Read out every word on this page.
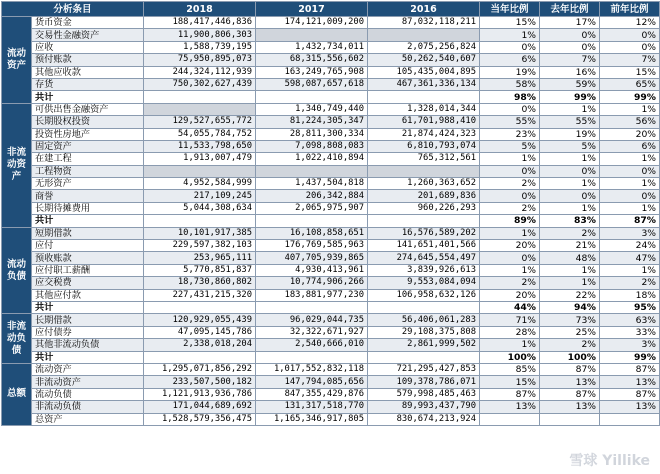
分析条目		2018	2017	2016	当年比例	去年比例	前年比例
流动资产	货币资金	188,417,446,836	174,121,009,200	87,032,118,211	15%	17%	12%
	交易性金融资产	11,900,806,303			1%	0%	0%
	应收	1,588,739,195	1,432,734,011	2,075,256,824	0%	0%	0%
	预付账款	75,950,895,073	68,315,556,602	50,262,540,607	6%	7%	7%
	其他应收款	244,324,112,939	163,249,765,908	105,435,004,895	19%	16%	15%
	存货	750,302,627,439	598,087,657,618	467,361,336,134	58%	59%	65%
	共计				98%	99%	99%
非流动资产	可供出售金融资产		1,340,749,440	1,328,014,344	0%	1%	1%
	长期股权投资	129,527,655,772	81,224,305,347	61,701,988,410	55%	55%	56%
	投资性房地产	54,055,784,752	28,811,300,334	21,874,424,323	23%	19%	20%
	固定资产	11,533,798,650	7,098,808,083	6,810,793,074	5%	5%	6%
	在建工程	1,913,007,479	1,022,410,894	765,312,561	1%	1%	1%
	工程物资				0%	0%	0%
	无形资产	4,952,584,999	1,437,504,818	1,260,363,652	2%	1%	1%
	商誉	217,109,245	206,342,884	201,689,836	0%	0%	0%
	长期待摊费用	5,044,308,634	2,065,975,907	960,226,293	2%	1%	1%
	共计				89%	83%	87%
流动负债	短期借款	10,101,917,385	16,108,858,651	16,576,589,202	1%	2%	3%
	应付	229,597,382,103	176,769,585,963	141,651,401,566	20%	21%	24%
	预收账款	253,965,111	407,705,939,865	274,645,554,497	0%	48%	47%
	应付职工薪酬	5,770,851,837	4,930,413,961	3,839,926,613	1%	1%	1%
	应交税费	18,730,860,802	10,774,906,266	9,553,084,094	2%	1%	2%
	其他应付款	227,431,215,320	183,881,977,230	106,958,632,126	20%	22%	18%
	共计				44%	94%	95%
非流动负债	长期借款	120,929,055,439	96,029,044,735	56,406,061,283	71%	73%	63%
	应付债券	47,095,145,786	32,322,671,927	29,108,375,808	28%	25%	33%
	其他非流动负债	2,338,018,204	2,540,666,010	2,861,999,502	1%	2%	3%
	共计				100%	100%	99%
总额	流动资产	1,295,071,856,292	1,017,552,832,118	721,295,427,853	85%	87%	87%
	非流动资产	233,507,500,182	147,794,085,656	109,378,786,071	15%	13%	13%
	流动负债	1,121,913,936,786	847,355,429,876	579,998,485,463	87%	87%	87%
	非流动负债	171,044,689,692	131,317,518,770	89,993,437,790	13%	13%	13%
	总资产	1,528,579,356,475	1,165,346,917,805	830,674,213,924			
雪球 Yillike
